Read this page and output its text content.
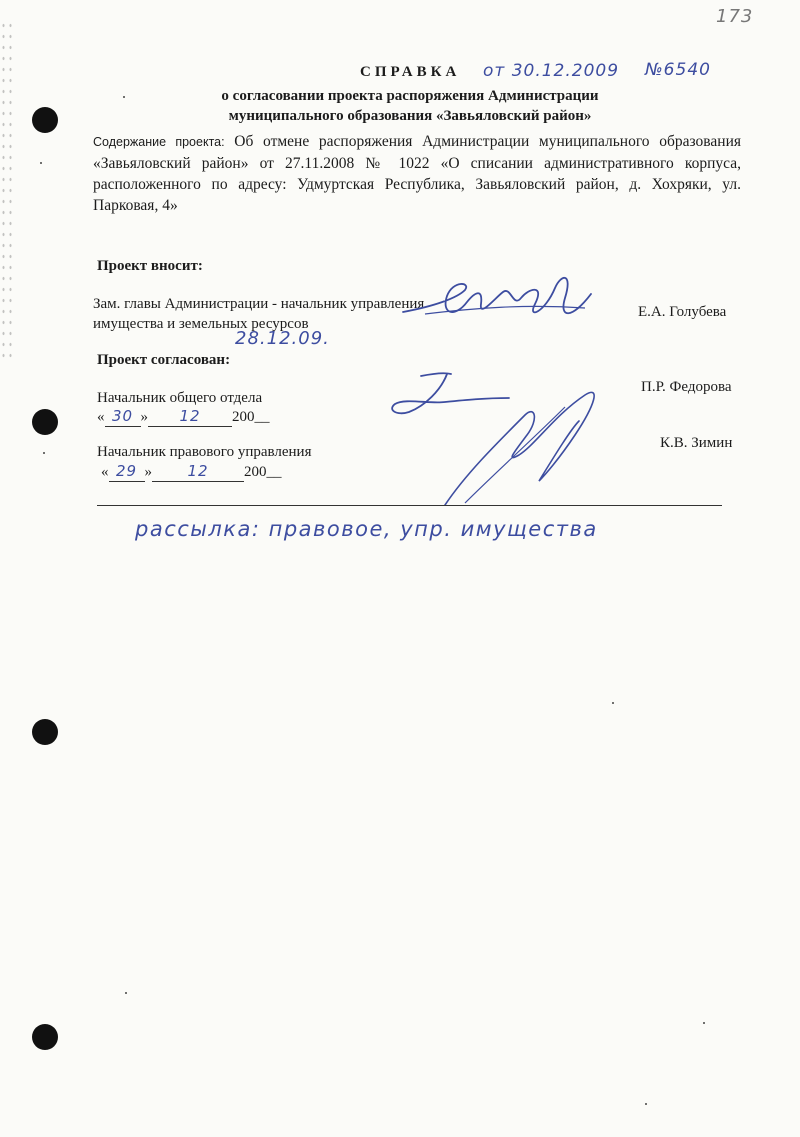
173
СПРАВКА от 30.12.2009 №6540
о согласовании проекта распоряжения Администрации
муниципального образования «Завьяловский район»
Содержание проекта: Об отмене распоряжения Администрации муниципального образования «Завьяловский район» от 27.11.2008 № 1022 «О списании административного корпуса, расположенного по адресу: Удмуртская Республика, Завьяловский район, д. Хохряки, ул. Парковая, 4»
Проект вносит:
Зам. главы Администрации - начальник управления
имущества и земельных ресурсов
28.12.09.
Е.А. Голубева
Проект согласован:
Начальник общего отдела
« 30 » 12 200__
П.Р. Федорова
Начальник правового управления
« 29 » 12 200__
К.В. Зимин
рассылка: правовое, упр. имущества
